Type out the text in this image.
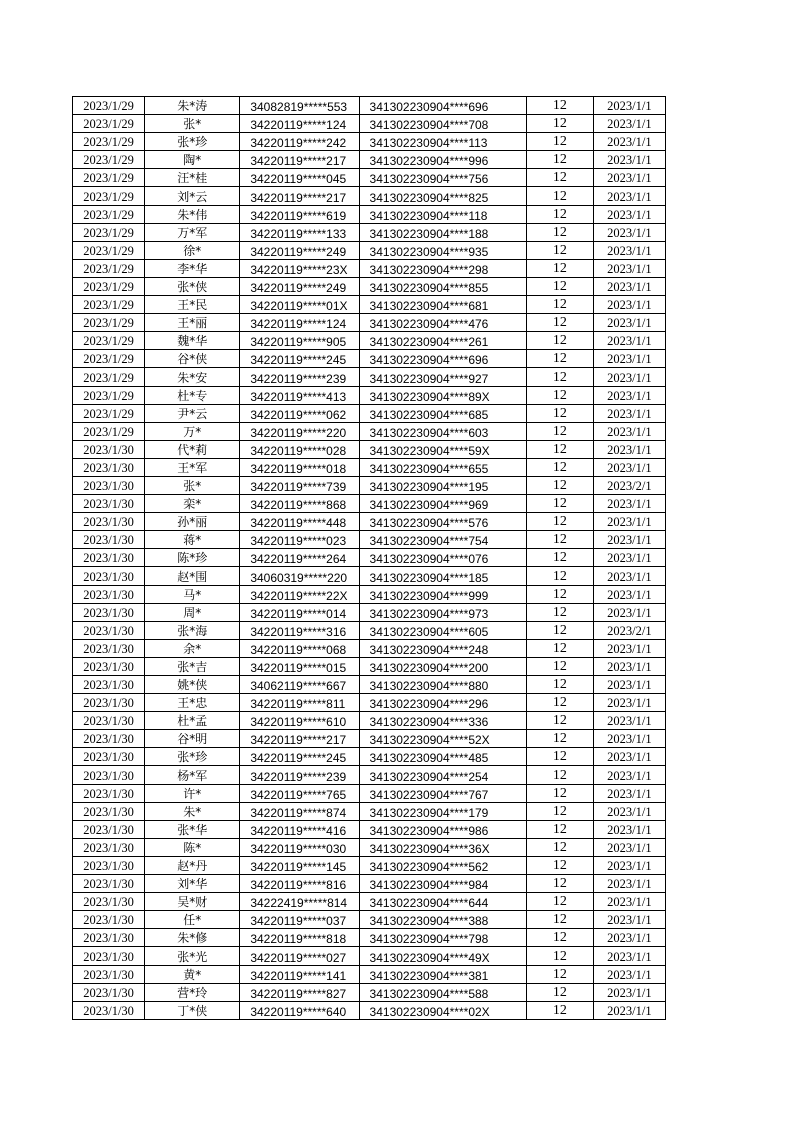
2023/1/29	朱*涛	34082819*****553	341302230904****696	12	2023/1/1
2023/1/29	张*	34220119*****124	341302230904****708	12	2023/1/1
2023/1/29	张*珍	34220119*****242	341302230904****113	12	2023/1/1
2023/1/29	陶*	34220119*****217	341302230904****996	12	2023/1/1
2023/1/29	汪*桂	34220119*****045	341302230904****756	12	2023/1/1
2023/1/29	刘*云	34220119*****217	341302230904****825	12	2023/1/1
2023/1/29	朱*伟	34220119*****619	341302230904****118	12	2023/1/1
2023/1/29	万*军	34220119*****133	341302230904****188	12	2023/1/1
2023/1/29	徐*	34220119*****249	341302230904****935	12	2023/1/1
2023/1/29	李*华	34220119*****23X	341302230904****298	12	2023/1/1
2023/1/29	张*侠	34220119*****249	341302230904****855	12	2023/1/1
2023/1/29	王*民	34220119*****01X	341302230904****681	12	2023/1/1
2023/1/29	王*丽	34220119*****124	341302230904****476	12	2023/1/1
2023/1/29	魏*华	34220119*****905	341302230904****261	12	2023/1/1
2023/1/29	谷*侠	34220119*****245	341302230904****696	12	2023/1/1
2023/1/29	朱*安	34220119*****239	341302230904****927	12	2023/1/1
2023/1/29	杜*专	34220119*****413	341302230904****89X	12	2023/1/1
2023/1/29	尹*云	34220119*****062	341302230904****685	12	2023/1/1
2023/1/29	万*	34220119*****220	341302230904****603	12	2023/1/1
2023/1/30	代*莉	34220119*****028	341302230904****59X	12	2023/1/1
2023/1/30	王*军	34220119*****018	341302230904****655	12	2023/1/1
2023/1/30	张*	34220119*****739	341302230904****195	12	2023/2/1
2023/1/30	栾*	34220119*****868	341302230904****969	12	2023/1/1
2023/1/30	孙*丽	34220119*****448	341302230904****576	12	2023/1/1
2023/1/30	蒋*	34220119*****023	341302230904****754	12	2023/1/1
2023/1/30	陈*珍	34220119*****264	341302230904****076	12	2023/1/1
2023/1/30	赵*围	34060319*****220	341302230904****185	12	2023/1/1
2023/1/30	马*	34220119*****22X	341302230904****999	12	2023/1/1
2023/1/30	周*	34220119*****014	341302230904****973	12	2023/1/1
2023/1/30	张*海	34220119*****316	341302230904****605	12	2023/2/1
2023/1/30	余*	34220119*****068	341302230904****248	12	2023/1/1
2023/1/30	张*吉	34220119*****015	341302230904****200	12	2023/1/1
2023/1/30	姚*侠	34062119*****667	341302230904****880	12	2023/1/1
2023/1/30	王*忠	34220119*****811	341302230904****296	12	2023/1/1
2023/1/30	杜*孟	34220119*****610	341302230904****336	12	2023/1/1
2023/1/30	谷*明	34220119*****217	341302230904****52X	12	2023/1/1
2023/1/30	张*珍	34220119*****245	341302230904****485	12	2023/1/1
2023/1/30	杨*军	34220119*****239	341302230904****254	12	2023/1/1
2023/1/30	许*	34220119*****765	341302230904****767	12	2023/1/1
2023/1/30	朱*	34220119*****874	341302230904****179	12	2023/1/1
2023/1/30	张*华	34220119*****416	341302230904****986	12	2023/1/1
2023/1/30	陈*	34220119*****030	341302230904****36X	12	2023/1/1
2023/1/30	赵*丹	34220119*****145	341302230904****562	12	2023/1/1
2023/1/30	刘*华	34220119*****816	341302230904****984	12	2023/1/1
2023/1/30	吴*财	34222419*****814	341302230904****644	12	2023/1/1
2023/1/30	任*	34220119*****037	341302230904****388	12	2023/1/1
2023/1/30	朱*修	34220119*****818	341302230904****798	12	2023/1/1
2023/1/30	张*光	34220119*****027	341302230904****49X	12	2023/1/1
2023/1/30	黄*	34220119*****141	341302230904****381	12	2023/1/1
2023/1/30	营*玲	34220119*****827	341302230904****588	12	2023/1/1
2023/1/30	丁*侠	34220119*****640	341302230904****02X	12	2023/1/1
